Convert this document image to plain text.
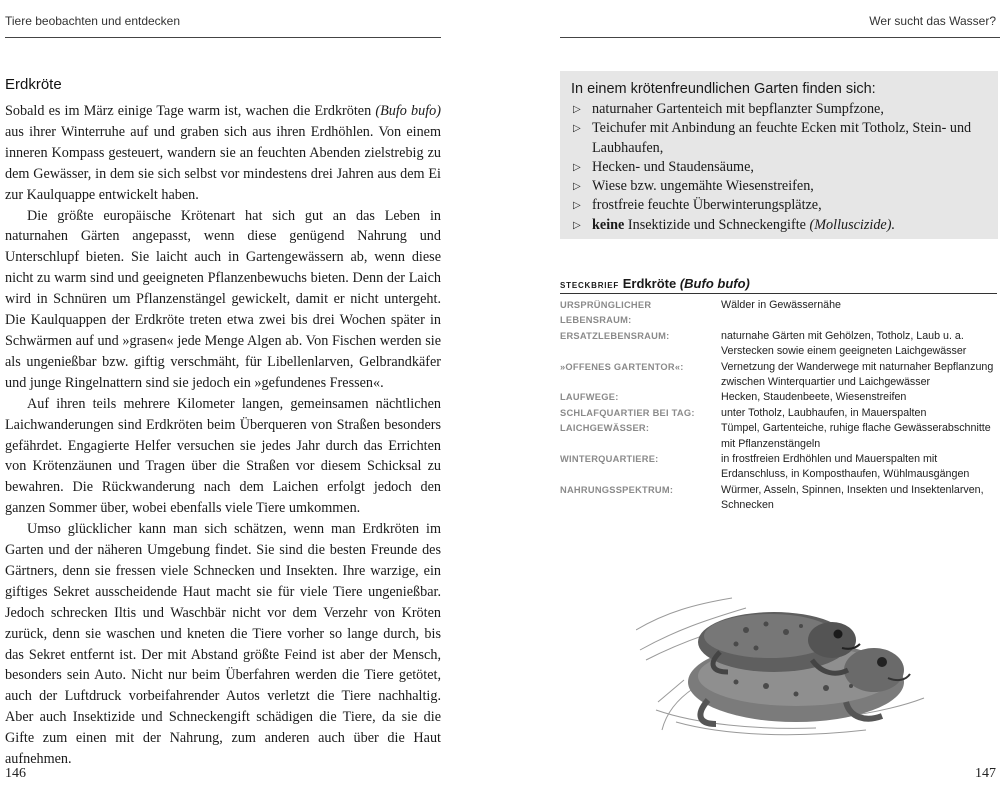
Tiere beobachten und entdecken
Erdkröte

Sobald es im März einige Tage warm ist, wachen die Erdkröten (Bufo bufo) aus ihrer Winterruhe auf und graben sich aus ihren Erdhöhlen. Von einem inneren Kompass gesteuert, wandern sie an feuchten Abenden zielstrebig zu dem Gewässer, in dem sie sich selbst vor mindestens drei Jahren aus dem Ei zur Kaulquappe entwickelt haben.

Die größte europäische Krötenart hat sich gut an das Leben in naturnahen Gärten angepasst, wenn diese genügend Nahrung und Unterschlupf bieten. Sie laicht auch in Gartengewässern ab, wenn diese nicht zu warm sind und geeigneten Pflanzenbewuchs bieten. Denn der Laich wird in Schnüren um Pflanzenstängel gewickelt, damit er nicht untergeht. Die Kaulquappen der Erdkröte treten etwa zwei bis drei Wochen später in Schwärmen auf und »grasen« jede Menge Algen ab. Von Fischen werden sie als ungenießbar bzw. giftig verschmäht, für Libellenlarven, Gelbrandkäfer und junge Ringelnattern sind sie jedoch ein »gefundenes Fressen«.

Auf ihren teils mehrere Kilometer langen, gemeinsamen nächtlichen Laichwanderungen sind Erdkröten beim Überqueren von Straßen besonders gefährdet. Engagierte Helfer versuchen sie jedes Jahr durch das Errichten von Krötenzäunen und Tragen über die Straßen vor diesem Schicksal zu bewahren. Die Rückwanderung nach dem Laichen erfolgt jedoch den ganzen Sommer über, wobei ebenfalls viele Tiere umkommen.

Umso glücklicher kann man sich schätzen, wenn man Erdkröten im Garten und der näheren Umgebung findet. Sie sind die besten Freunde des Gärtners, denn sie fressen viele Schnecken und Insekten. Ihre warzige, ein giftiges Sekret ausscheidende Haut macht sie für viele Tiere ungenießbar. Jedoch schrecken Iltis und Waschbär nicht vor dem Verzehr von Kröten zurück, denn sie waschen und kneten die Tiere vorher so lange durch, bis das Sekret entfernt ist. Der mit Abstand größte Feind ist aber der Mensch, besonders sein Auto. Nicht nur beim Überfahren werden die Tiere getötet, auch der Luftdruck vorbeifahrender Autos verletzt die Tiere nachhaltig. Aber auch Insektizide und Schneckengift schädigen die Tiere, da sie die Gifte zum einen mit der Nahrung, zum anderen auch über die Haut aufnehmen.

146
Wer sucht das Wasser?
In einem krötenfreundlichen Garten finden sich:
▷ naturnaher Gartenteich mit bepflanzter Sumpfzone,
▷ Teichufer mit Anbindung an feuchte Ecken mit Totholz, Stein- und Laubhaufen,
▷ Hecken- und Staudensäume,
▷ Wiese bzw. ungemähte Wiesenstreifen,
▷ frostfreie feuchte Überwinterungsplätze,
▷ keine Insektizide und Schneckengifte (Molluscizide).
STECKBRIEF Erdkröte (Bufo bufo)
URSPRÜNGLICHER LEBENSRAUM:
Wälder in Gewässernähe
ERSATZLEBENSRAUM:	naturnahe Gärten mit Gehölzen, Totholz, Laub u. a. Verstecken sowie einem geeigneten Laichgewässer
»OFFENES GARTENTOR«:	Vernetzung der Wanderwege mit naturnaher Bepflanzung zwischen Winterquartier und Laichgewässer
LAUFWEGE:	Hecken, Staudenbeete, Wiesenstreifen
SCHLAFQUARTIER BEI TAG:	unter Totholz, Laubhaufen, in Mauerspalten
LAICHGEWÄSSER:	Tümpel, Gartenteiche, ruhige flache Gewässerabschnitte mit Pflanzenstängeln
WINTERQUARTIERE:	in frostfreien Erdhöhlen und Mauerspalten mit Erdanschluss, in Komposthaufen, Wühlmausgängen
NAHRUNGSSPEKTRUM:	Würmer, Asseln, Spinnen, Insekten und Insektenlarven, Schnecken
147
